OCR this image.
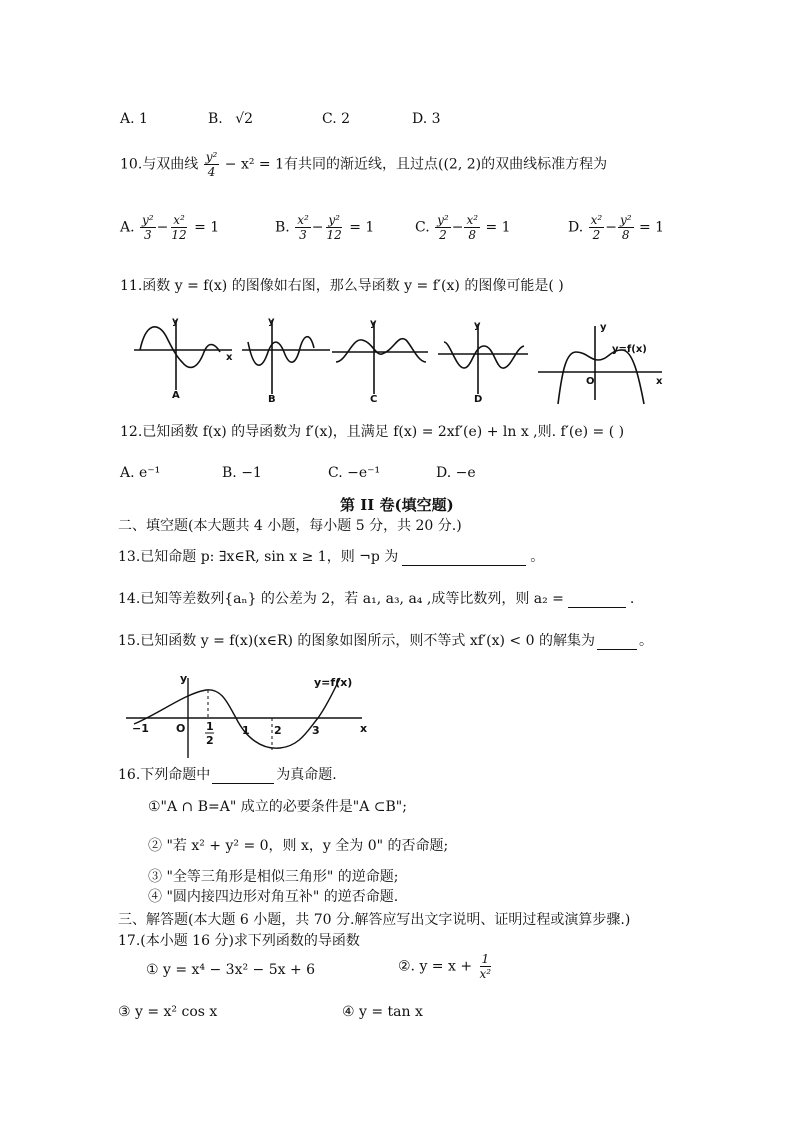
A. 1	B. √2	C. 2	D. 3
10.与双曲线 $\frac{\text{y²}}{4} - x^2 = 1$有共同的渐近线，且过点((2, 2)的双曲线标准方程为
A. $\frac{\text{y²}}{3} - \frac{\text{x²}}{12} = 1$	B. $\frac{\text{x²}}{3} - \frac{\text{y²}}{12} = 1$	C. $\frac{\text{y²}}{2} - \frac{\text{x²}}{8} = 1$	D. $\frac{\text{x²}}{2} - \frac{\text{y²}}{8} = 1$
11.函数 y = f(x) 的图像如右图，那么导函数 y = f′(x) 的图像可能是( )
y
A
x
y
B
y
C
y
D
y
y=f(x)
O	x
12.已知函数 f(x) 的导函数为 f′(x)，且满足 f(x) = 2xf′(e) + ln x ,则. f′(e) = ( )
A. e⁻¹	B. −1	C. −e⁻¹	D. −e
第 II 卷(填空题)
二、填空题(本大题共 4 小题，每小题 5 分，共 20 分.)
13.已知命题 p: ∃x∈R, sin x ≥ 1，则 ¬p 为	。
14.已知等差数列{aₙ} 的公差为 2，若 a₁, a₃, a₄ ,成等比数列，则 a₂ =	.
15.已知函数 y = f(x)(x∈R) 的图象如图所示，则不等式 xf′(x) < 0 的解集为	。
y	y=f(x)
x
O
−1	1
2
1 2	3
16.下列命题中	为真命题.
①"A ∩ B=A" 成立的必要条件是"A ⊂B";
② "若 x² + y² = 0，则 x，y 全为 0" 的否命题;
③ "全等三角形是相似三角形" 的逆命题;
④ "圆内接四边形对角互补" 的逆否命题.
三、解答题(本大题 6 小题，共 70 分.解答应写出文字说明、证明过程或演算步骤.)
17.(本小题 16 分)求下列函数的导函数
① y = x⁴ − 3x² − 5x + 6	②. $y = x + \frac{1}{\text{x²}}$
③ y = x² cos x	④ y = tan x
